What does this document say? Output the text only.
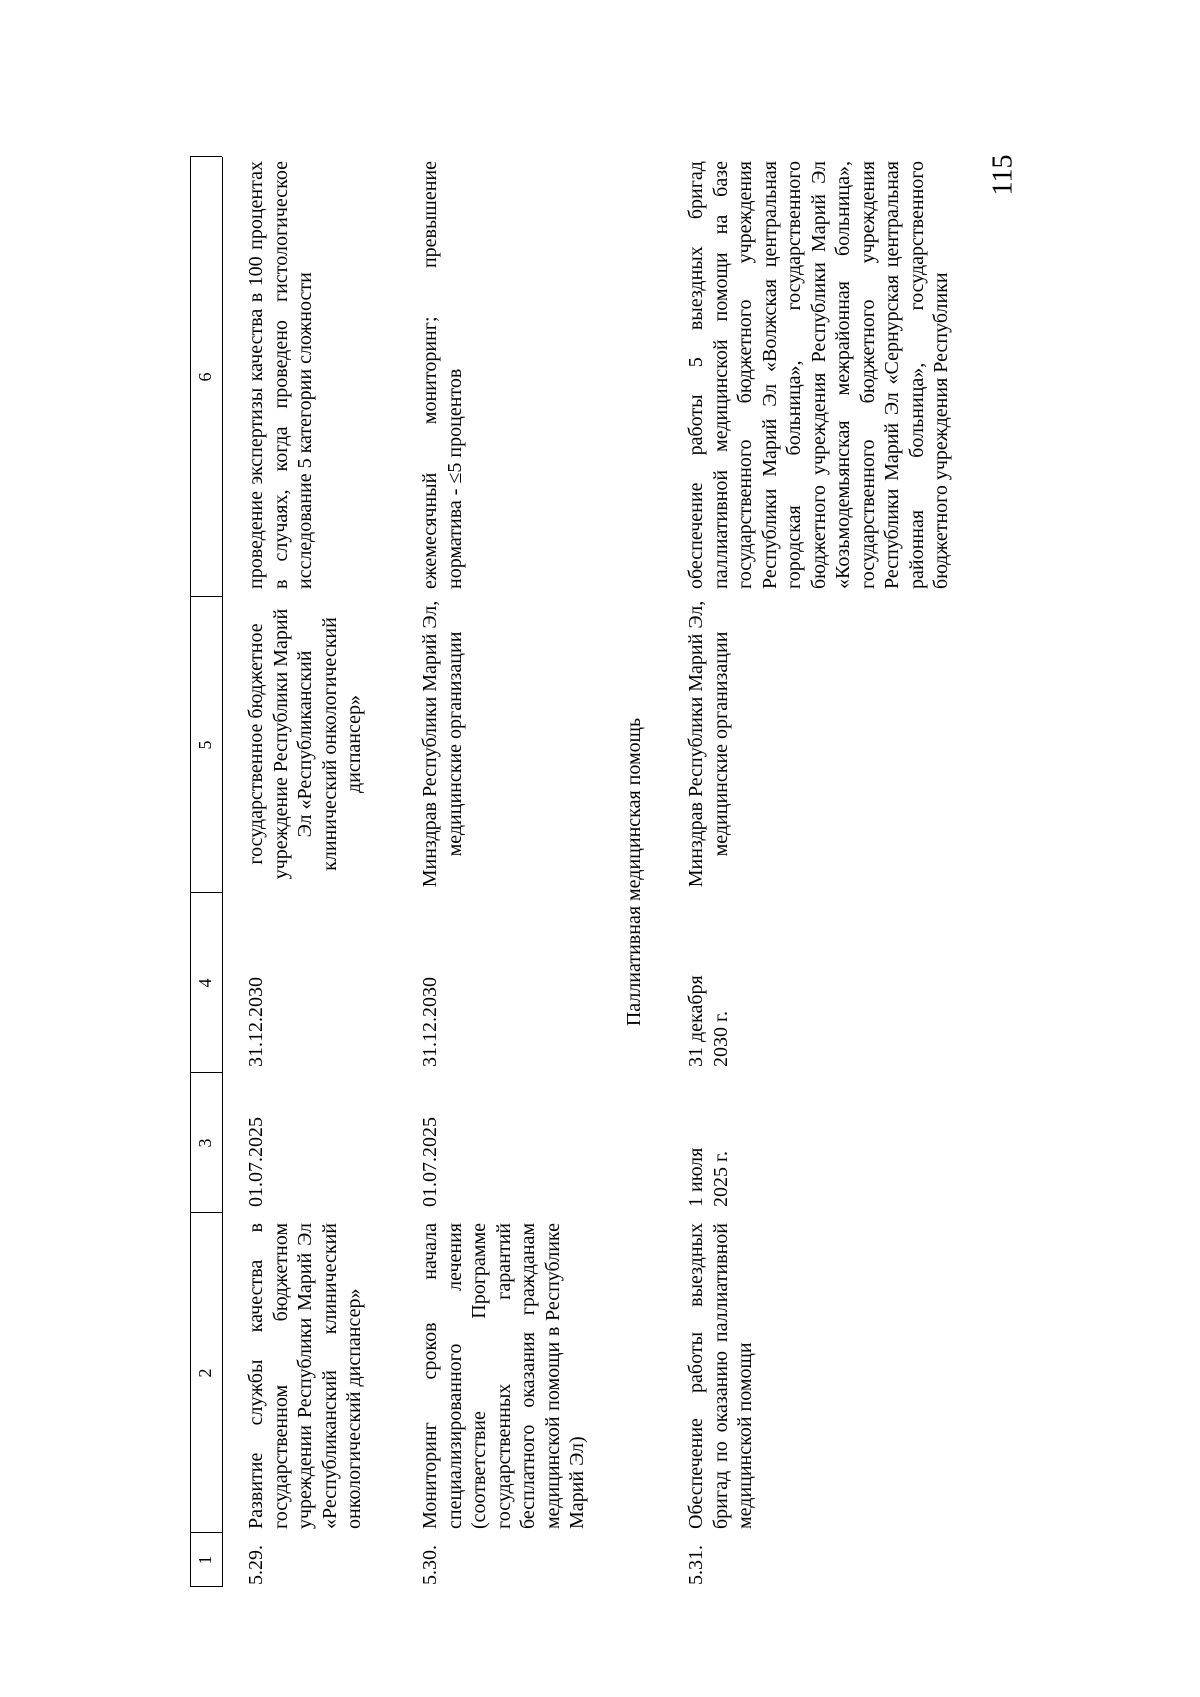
115
1
2
3
4
5
6
5.29.
Развитие службы качества в государственном бюджетном учреждении Республики Марий Эл «Республиканский клинический онкологический диспансер»
01.07.2025
31.12.2030
государственное бюджетное учреждение Республики Марий Эл «Республиканский клинический онкологический диспансер»
проведение экспертизы качества в 100 процентах в случаях, когда проведено гистологическое исследование 5 категории сложности
5.30.
Мониторинг сроков начала специализированного лечения (соответствие Программе государственных гарантий бесплатного оказания гражданам медицинской помощи в Республике Марий Эл)
01.07.2025
31.12.2030
Минздрав Республики Марий Эл, медицинские организации
ежемесячный мониторинг; превышение норматива - ≤5 процентов
Паллиативная медицинская помощь
5.31.
Обеспечение работы выездных бригад по оказанию паллиативной медицинской помощи
1 июля 2025 г.
31 декабря 2030 г.
Минздрав Республики Марий Эл, медицинские организации
обеспечение работы 5 выездных бригад паллиативной медицинской помощи на базе государственного бюджетного учреждения Республики Марий Эл «Волжская центральная городская больница», государственного бюджетного учреждения Республики Марий Эл «Козьмодемьянская межрайонная больница», государственного бюджетного учреждения Республики Марий Эл «Сернурская центральная районная больница», государственного бюджетного учреждения Республики
